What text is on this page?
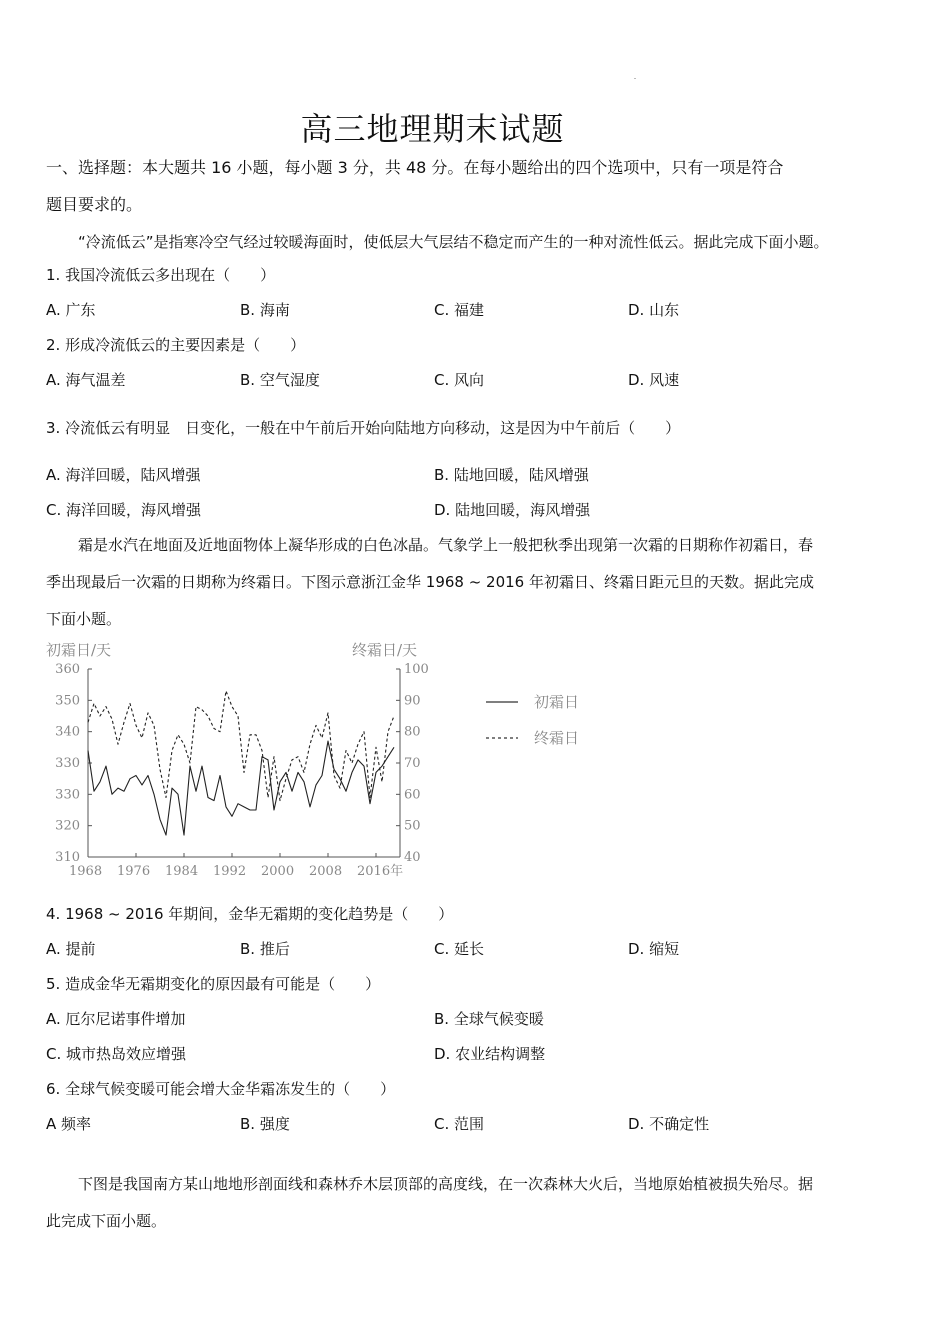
高三地理期末试题
一、选择题：本大题共 16 小题，每小题 3 分，共 48 分。在每小题给出的四个选项中，只有一项是符合
题目要求的。
“冷流低云”是指寒冷空气经过较暖海面时，使低层大气层结不稳定而产生的一种对流性低云。据此完成下面小题。
1. 我国冷流低云多出现在（　　）
A. 广东	B. 海南	C. 福建	D. 山东
2. 形成冷流低云的主要因素是（　　）
A. 海气温差	B. 空气湿度	C. 风向	D. 风速
3. 冷流低云有明显　日变化，一般在中午前后开始向陆地方向移动，这是因为中午前后（　　）
A. 海洋回暖，陆风增强	B. 陆地回暖，陆风增强
C. 海洋回暖，海风增强	D. 陆地回暖，海风增强
霜是水汽在地面及近地面物体上凝华形成的白色冰晶。气象学上一般把秋季出现第一次霜的日期称作初霜日，春
季出现最后一次霜的日期称为终霜日。下图示意浙江金华 1968 ~ 2016 年初霜日、终霜日距元旦的天数。据此完成
下面小题。
初霜日/天	终霜日/天
360	100
350	90
340	80
330	70
330	60
320	50
310	40
1968 1976 1984 1992 2000 2008 2016年
初霜日
终霜日
4. 1968 ~ 2016 年期间，金华无霜期的变化趋势是（　　）
A. 提前	B. 推后	C. 延长	D. 缩短
5. 造成金华无霜期变化的原因最有可能是（　　）
A. 厄尔尼诺事件增加	B. 全球气候变暖
C. 城市热岛效应增强	D. 农业结构调整
6. 全球气候变暖可能会增大金华霜冻发生的（　　）
A 频率	B. 强度	C. 范围	D. 不确定性
下图是我国南方某山地地形剖面线和森林乔木层顶部的高度线，在一次森林大火后，当地原始植被损失殆尽。据
此完成下面小题。
